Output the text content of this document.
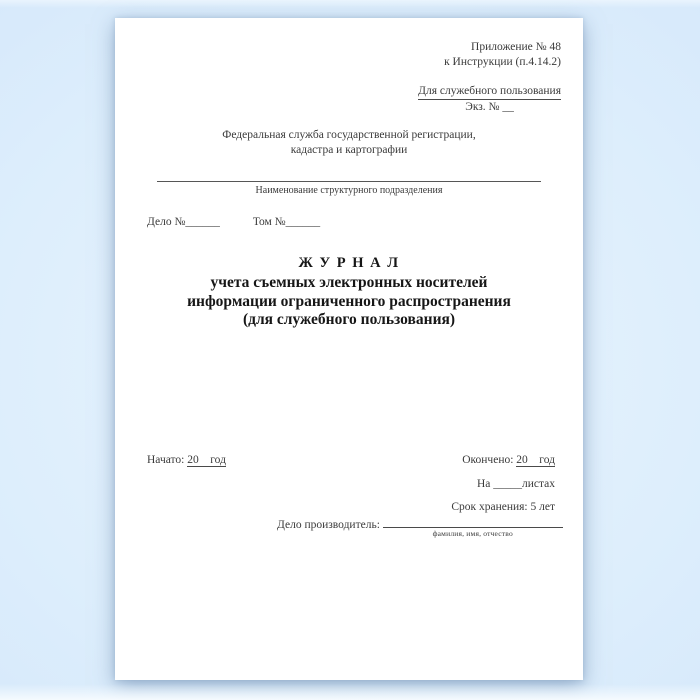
Приложение № 48
к Инструкции (п.4.14.2)
Для служебного пользования
Экз. № __
Федеральная служба государственной регистрации,
кадастра и картографии
Наименование структурного подразделения
Дело №______	Том №______
Ж У Р Н А Л
учета съемных электронных носителей
информации ограниченного распространения
(для служебного пользования)
Начато: 20    год	Окончено: 20    год
На _____листах
Срок хранения: 5 лет
Дело производитель:
фамилия, имя, отчество
